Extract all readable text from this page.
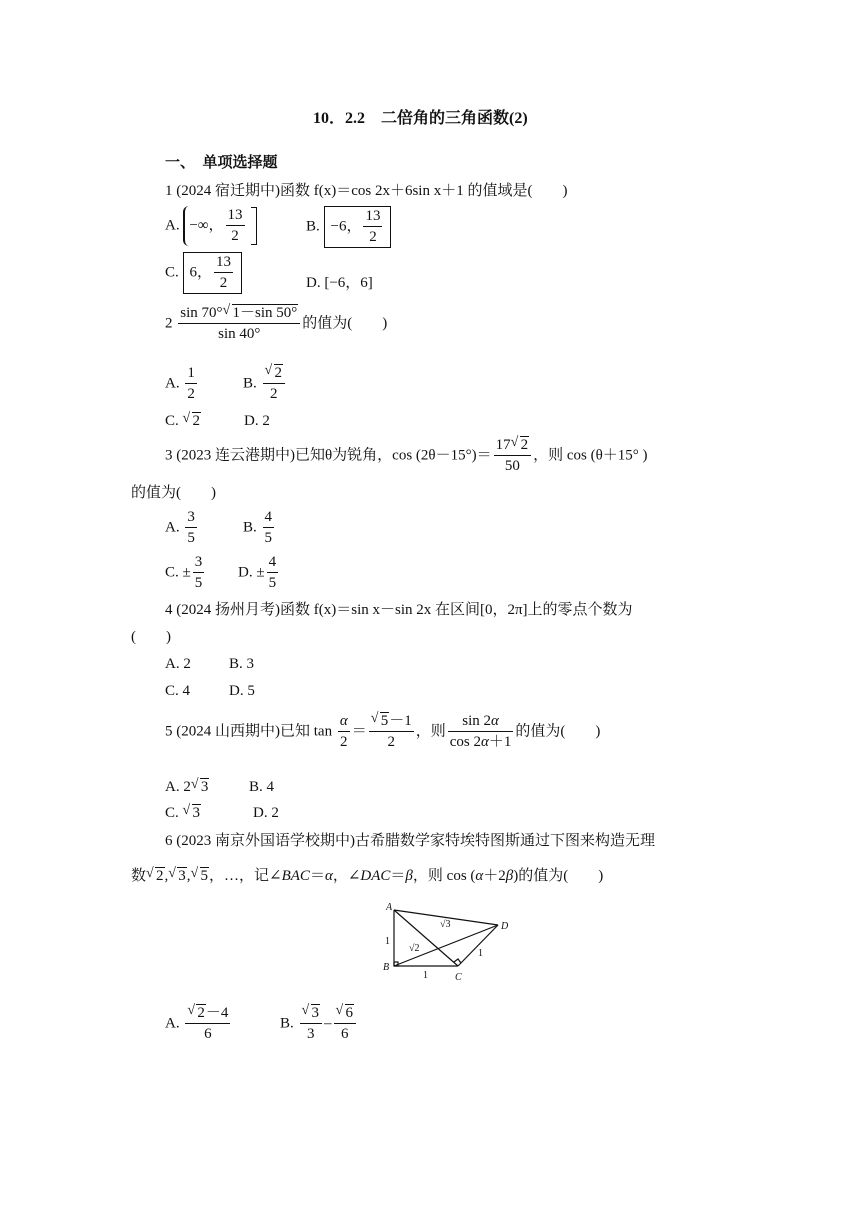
10．2.2　二倍角的三角函数(2)
一、　单项选择题
1 (2024 宿迁期中)函数 f(x)＝cos 2x＋6sin x＋1 的值域是(　　)
A. −∞， $\frac{13}{2}$	B. −6， $\frac{13}{2}$
C. 6， $\frac{13}{2}$	D. [−6，6]
$2 \frac{\sin 70^\circ √ 1-\sin 50^\circ}{\sin 40^\circ}$ 的值为(　　)
A. $\frac{1}{2}$	B. √ $\frac{2}{2}$
C. √ 2	D. 2
3 (2023 连云港期中)已知θ为锐角，$\cos (2\theta-15^\circ)= \frac{17 √ 2}{50}$ ，则 cos (θ＋15° )
的值为(　　)
A. $\frac{3}{5}$	B. $\frac{4}{5}$
C. ± $\frac{3}{5} D$. ± $\frac{4}{5}$
4 (2024 扬州月考)函数 f(x)＝sin x－sin 2x 在区间[0，2π]上的零点个数为
(　　)
A. 2	B. 3
C. 4	D. 5
5 (2024 山西期中)已知 $\tan \frac{\alpha}{2}$ ＝ √ $\frac{5-1}{2}$ ，则 $\frac{\sin 2\alpha}{\cos 2\alpha+1}$ 的值为(　　)
A. 2 √ 3	B. 4
C. √ 3	D. 2
6 (2023 南京外国语学校期中)古希腊数学家特埃特图斯通过下图来构造无理
数 √ 2, √ 3, √ 5，…，记∠BAC＝α，∠DAC＝β，则 cos (α＋2β)的值为(　　)
A
B
C
D
1
1
1
√2
√3
A. √ $\frac{2-4}{6}$	B. √ $\frac{3}{3}$ – √ $\frac{6}{6}$
